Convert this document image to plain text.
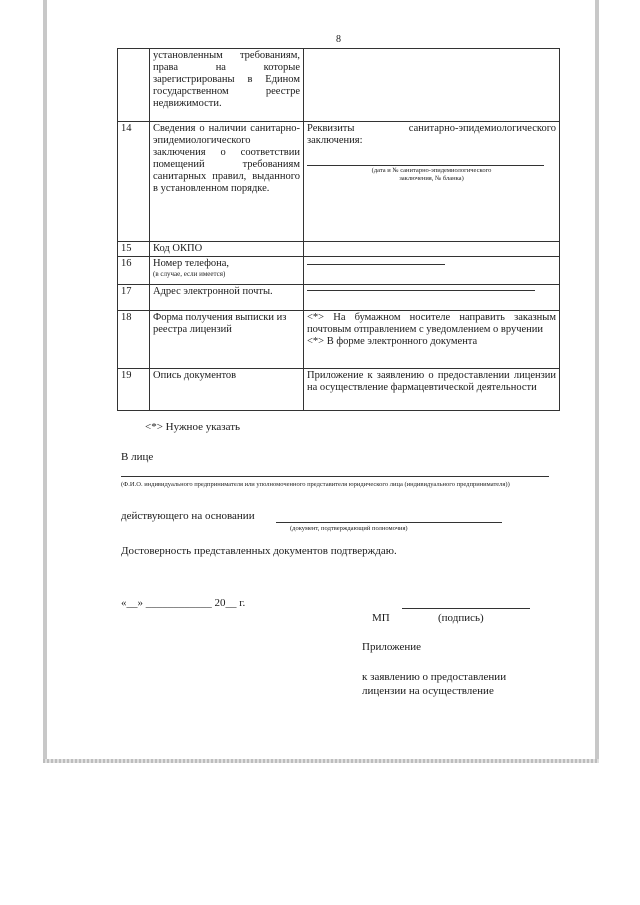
8
	установленным требованиям, права на которые зарегистрированы в Едином государственном реестре недвижимости.	
14	Сведения о наличии санитарно-эпидемиологического заключения о соответствии помещений требованиям санитарных правил, выданного в установленном порядке.	Реквизиты санитарно-эпидемиологического заключения:
(дата и № санитарно-эпидемиологического заключения, № бланка)

15	Код ОКПО	
16	Номер телефона,
(в случае, если имеется)	

17	Адрес электронной почты.	

18	Форма получения выписки из реестра лицензий	<*> На бумажном носителе направить заказным почтовым отправлением с уведомлением о вручении
<*> В форме электронного документа

19	Опись документов	Приложение к заявлению о предоставлении лицензии на осуществление фармацевтической деятельности
<*> Нужное указать
В лице
(Ф.И.О. индивидуального предпринимателя или уполномоченного представителя юридического лица (индивидуального предпринимателя))
действующего на основании
(документ, подтверждающий полномочия)
Достоверность представленных документов подтверждаю.
«__» ____________ 20__ г.
МП	(подпись)
Приложение
к заявлению о предоставлении
лицензии на осуществление
